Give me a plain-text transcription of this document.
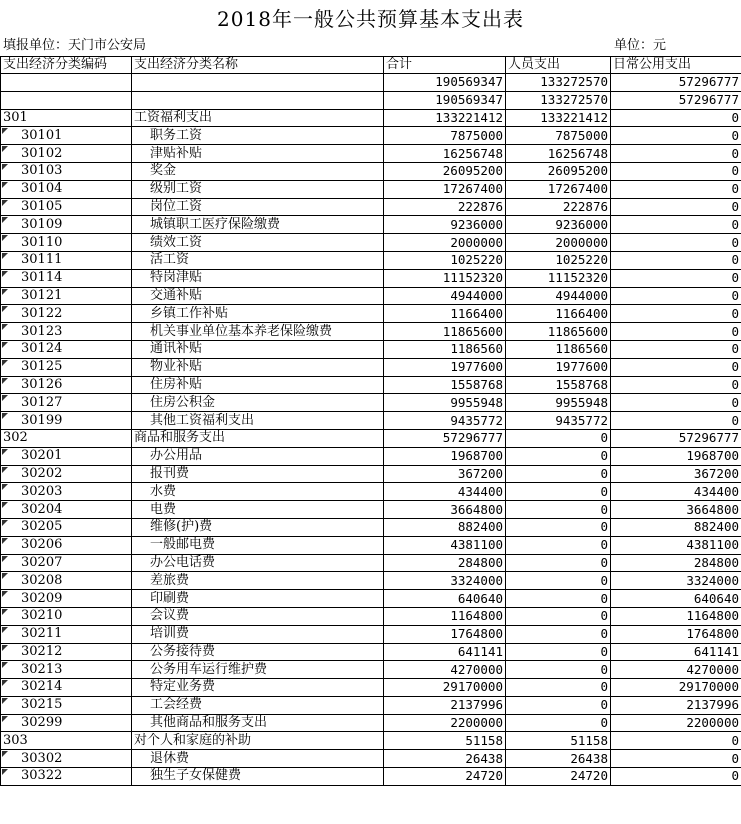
2018年一般公共预算基本支出表
填报单位：天门市公安局	单位：元
支出经济分类编码	支出经济分类名称	合计	人员支出	日常公用支出
		190569347	133272570	57296777
		190569347	133272570	57296777
301	工资福利支出	133221412	133221412	0
30101	职务工资	7875000	7875000	0
30102	津贴补贴	16256748	16256748	0
30103	奖金	26095200	26095200	0
30104	级别工资	17267400	17267400	0
30105	岗位工资	222876	222876	0
30109	城镇职工医疗保险缴费	9236000	9236000	0
30110	绩效工资	2000000	2000000	0
30111	活工资	1025220	1025220	0
30114	特岗津贴	11152320	11152320	0
30121	交通补贴	4944000	4944000	0
30122	乡镇工作补贴	1166400	1166400	0
30123	机关事业单位基本养老保险缴费	11865600	11865600	0
30124	通讯补贴	1186560	1186560	0
30125	物业补贴	1977600	1977600	0
30126	住房补贴	1558768	1558768	0
30127	住房公积金	9955948	9955948	0
30199	其他工资福利支出	9435772	9435772	0
302	商品和服务支出	57296777	0	57296777
30201	办公用品	1968700	0	1968700
30202	报刊费	367200	0	367200
30203	水费	434400	0	434400
30204	电费	3664800	0	3664800
30205	维修(护)费	882400	0	882400
30206	一般邮电费	4381100	0	4381100
30207	办公电话费	284800	0	284800
30208	差旅费	3324000	0	3324000
30209	印刷费	640640	0	640640
30210	会议费	1164800	0	1164800
30211	培训费	1764800	0	1764800
30212	公务接待费	641141	0	641141
30213	公务用车运行维护费	4270000	0	4270000
30214	特定业务费	29170000	0	29170000
30215	工会经费	2137996	0	2137996
30299	其他商品和服务支出	2200000	0	2200000
303	对个人和家庭的补助	51158	51158	0
30302	退休费	26438	26438	0
30322	独生子女保健费	24720	24720	0
